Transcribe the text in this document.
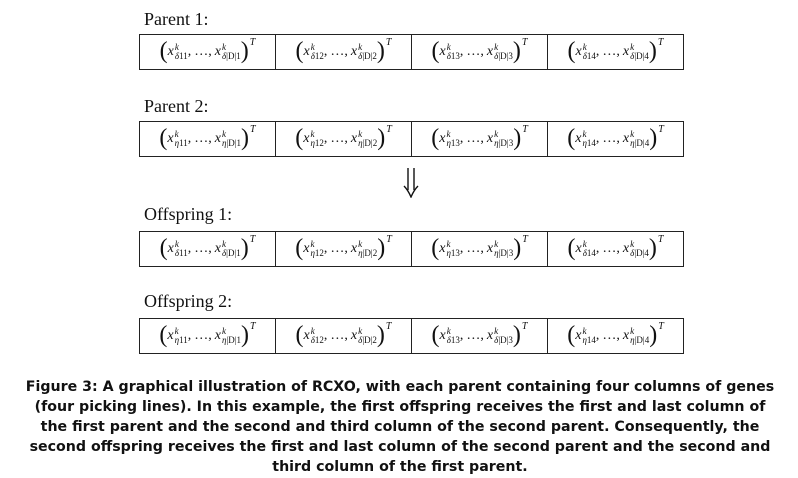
Parent 1:
( x k
δ11 , …, x k
δ|D|1 ) T ( x k
δ12 , …, x k
δ|D|2 ) T ( x k
δ13 , …, x k
δ|D|3 ) T ( x k
δ14 , …, x k
δ|D|4 ) T
Parent 2:
( x k
η11 , …, x k
η|D|1 ) T ( x k
η12 , …, x k
η|D|2 ) T ( x k
η13 , …, x k
η|D|3 ) T ( x k
η14 , …, x k
η|D|4 ) T
Offspring 1:
( x k
δ11 , …, x k
δ|D|1 ) T ( x k
η12 , …, x k
η|D|2 ) T ( x k
η13 , …, x k
η|D|3 ) T ( x k
δ14 , …, x k
δ|D|4 ) T
Offspring 2:
( x k
η11 , …, x k
η|D|1 ) T ( x k
δ12 , …, x k
δ|D|2 ) T ( x k
δ13 , …, x k
δ|D|3 ) T ( x k
η14 , …, x k
η|D|4 ) T
Figure 3: A graphical illustration of RCXO, with each parent containing four columns of genes (four picking lines). In this example, the first offspring receives the first and last column of the first parent and the second and third column of the second parent. Consequently, the second offspring receives the first and last column of the second parent and the second and third column of the first parent.
